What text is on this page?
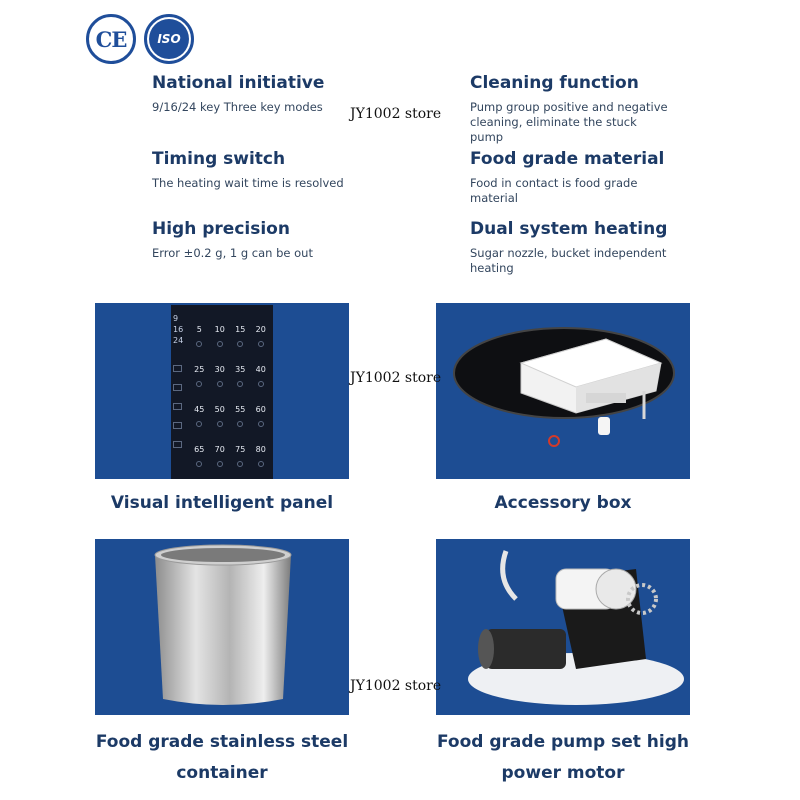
CE	ISO
National initiative
9/16/24 key Three key modes
Cleaning function
Pump group positive and negative cleaning, eliminate the stuck pump
Timing switch
The heating wait time is resolved
Food grade material
Food in contact is food grade material
High precision
Error ±0.2 g, 1 g can be out
Dual system heating
Sugar nozzle, bucket independent heating
9
16
24
5	10	15	20
25	30	35	40
45	50	55	60
65	70	75	80
Visual intelligent panel	Accessory box
Food grade stainless steel
container
Food grade pump set high
power motor
JY1002 store
JY1002 store
JY1002 store
